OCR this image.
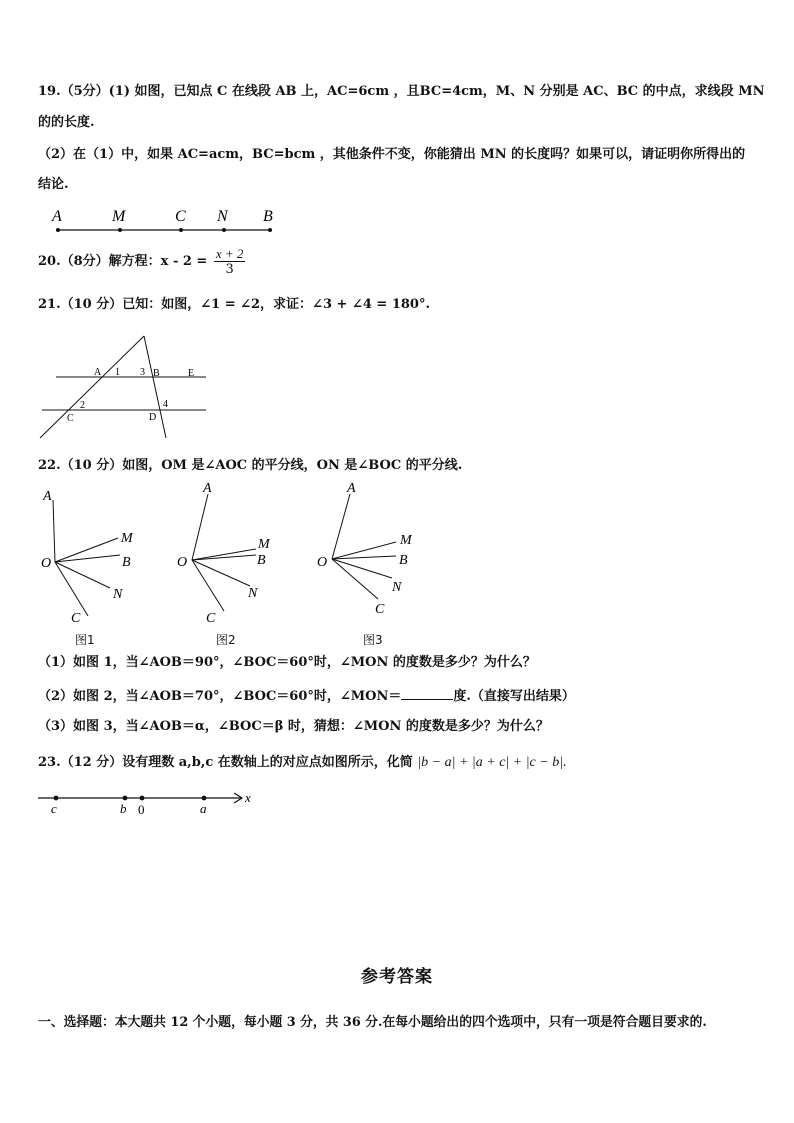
19.（5分）(1) 如图，已知点 C 在线段 AB 上，AC=6cm ，且BC=4cm，M、N 分别是 AC、BC 的中点，求线段 MN
的的长度.
（2）在（1）中，如果 AC=acm，BC=bcm ，其他条件不变，你能猜出 MN 的长度吗？如果可以，请证明你所得出的
结论.
A	M	C N B
20.（8分）解方程：$x - 2 = \frac{x + 2}{3}$
21.（10 分）已知：如图，∠1 = ∠2，求证：∠3 + ∠4 = 180°.
A 1 3 B	E
2
C	D
4
22.（10 分）如图，OM 是∠AOC 的平分线，ON 是∠BOC 的平分线.
A
M
B
O
N
C
A
M
B
O
N
C
A
M
B
O
N
C
图1	图2	图3
（1）如图 1，当∠AOB＝90°，∠BOC＝60°时，∠MON 的度数是多少？为什么？
（2）如图 2，当∠AOB＝70°，∠BOC＝60°时，∠MON＝	度.（直接写出结果）
（3）如图 3，当∠AOB＝α，∠BOC＝β 时，猜想：∠MON 的度数是多少？为什么？
23.（12 分）设有理数 a,b,c 在数轴上的对应点如图所示，化简 |b − a| + |a + c| + |c − b|.
c	b 0	a
x
参考答案
一、选择题：本大题共 12 个小题，每小题 3 分，共 36 分.在每小题给出的四个选项中，只有一项是符合题目要求的.
